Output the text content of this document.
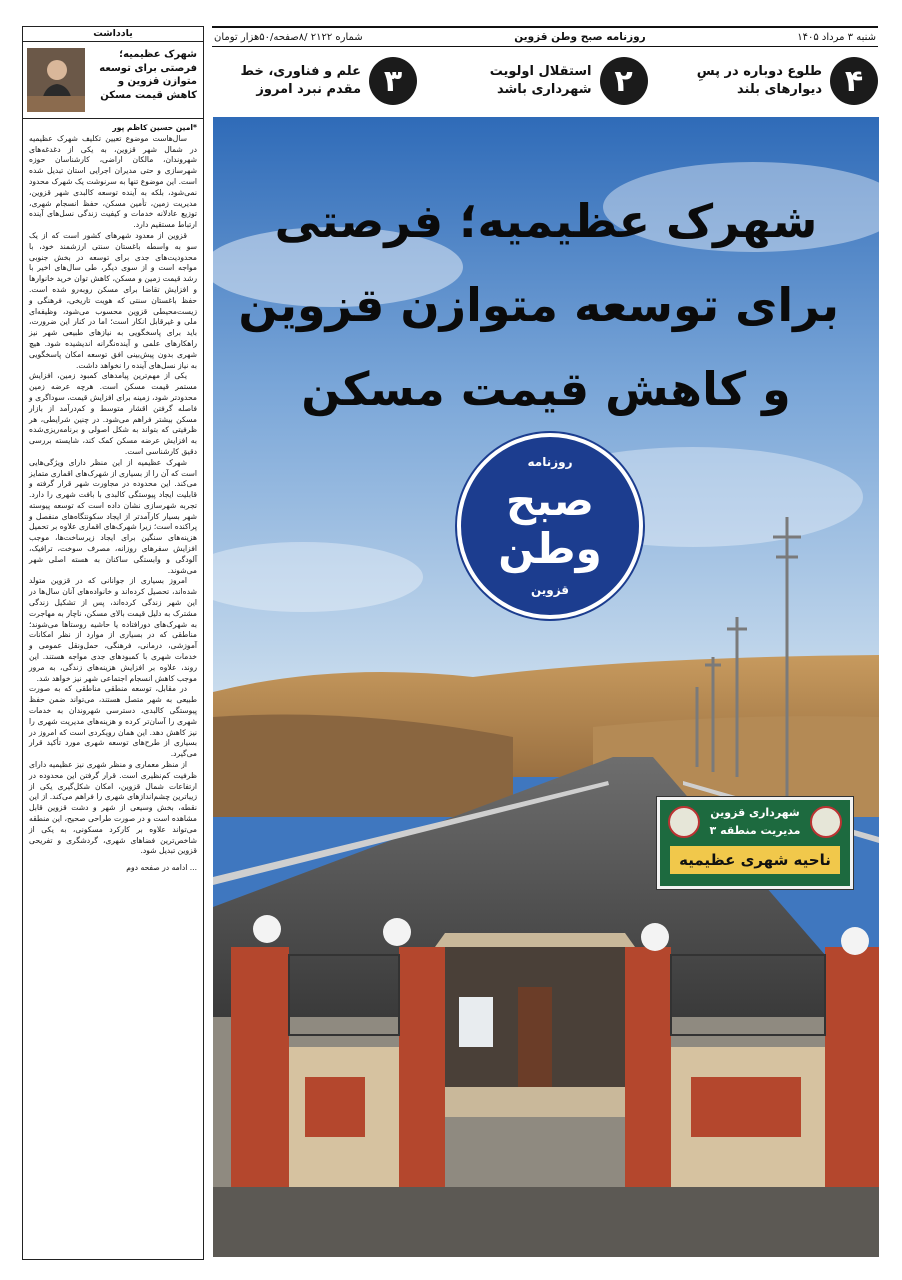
شنبه ۳ مرداد ۱۴۰۵
روزنامه صبح وطن قزوین
شماره ۲۱۲۲ /۸صفحه/۵۰هزار تومان
۴
طلوع دوباره در پسِ دیوارهای بلند
۲
استقلال اولویت شهرداری باشد
۳
علم و فناوری، خط مقدم نبرد امروز
شهرک عظیمیه؛ فرصتی
برای توسعه متوازن قزوین
و کاهش قیمت مسکن
روزنامه
صبح
وطن
قزوین
شهرداری قزوین
مدیریت منطقه ۳
ناحیه شهری عظیمیه
یادداشت
شهرک عظیمیه؛ فرصتی برای توسعه متوازن قزوین و کاهش قیمت مسکن

*امین حسین کاظم پور

سال‌هاست موضوع تعیین تکلیف شهرک عظیمیه در شمال شهر قزوین، به یکی از دغدغه‌های شهروندان، مالکان اراضی، کارشناسان حوزه شهرسازی و حتی مدیران اجرایی استان تبدیل شده است. این موضوع تنها به سرنوشت یک شهرک محدود نمی‌شود، بلکه به آینده توسعه کالبدی شهر قزوین، مدیریت زمین، تأمین مسکن، حفظ انسجام شهری، توزیع عادلانه خدمات و کیفیت زندگی نسل‌های آینده ارتباط مستقیم دارد.

قزوین از معدود شهرهای کشور است که از یک سو به واسطه باغستان سنتی ارزشمند خود، با محدودیت‌های جدی برای توسعه در بخش جنوبی مواجه است و از سوی دیگر، طی سال‌های اخیر با رشد قیمت زمین و مسکن، کاهش توان خرید خانوارها و افزایش تقاضا برای مسکن روبه‌رو شده است. حفظ باغستان سنتی که هویت تاریخی، فرهنگی و زیست‌محیطی قزوین محسوب می‌شود، وظیفه‌ای ملی و غیرقابل انکار است؛ اما در کنار این ضرورت، باید برای پاسخگویی به نیازهای طبیعی شهر نیز راهکارهای علمی و آینده‌نگرانه اندیشیده شود. هیچ شهری بدون پیش‌بینی افق توسعه امکان پاسخگویی به نیاز نسل‌های آینده را نخواهد داشت.

یکی از مهم‌ترین پیامدهای کمبود زمین، افزایش مستمر قیمت مسکن است. هرچه عرضه زمین محدودتر شود، زمینه برای افزایش قیمت، سوداگری و فاصله گرفتن اقشار متوسط و کم‌درآمد از بازار مسکن بیشتر فراهم می‌شود. در چنین شرایطی، هر ظرفیتی که بتواند به شکل اصولی و برنامه‌ریزی‌شده به افزایش عرضه مسکن کمک کند، شایسته بررسی دقیق کارشناسی است.

شهرک عظیمیه از این منظر دارای ویژگی‌هایی است که آن را از بسیاری از شهرک‌های اقماری متمایز می‌کند. این محدوده در مجاورت شهر قرار گرفته و قابلیت ایجاد پیوستگی کالبدی با بافت شهری را دارد. تجربه شهرسازی نشان داده است که توسعه پیوسته شهر بسیار کارآمدتر از ایجاد سکونتگاه‌های منفصل و پراکنده است؛ زیرا شهرک‌های اقماری علاوه بر تحمیل هزینه‌های سنگین برای ایجاد زیرساخت‌ها، موجب افزایش سفرهای روزانه، مصرف سوخت، ترافیک، آلودگی و وابستگی ساکنان به هسته اصلی شهر می‌شوند.

امروز بسیاری از جوانانی که در قزوین متولد شده‌اند، تحصیل کرده‌اند و خانواده‌های آنان سال‌ها در این شهر زندگی کرده‌اند، پس از تشکیل زندگی مشترک به دلیل قیمت بالای مسکن، ناچار به مهاجرت به شهرک‌های دورافتاده یا حاشیه روستاها می‌شوند؛ مناطقی که در بسیاری از موارد از نظر امکانات آموزشی، درمانی، فرهنگی، حمل‌ونقل عمومی و خدمات شهری با کمبودهای جدی مواجه هستند. این روند، علاوه بر افزایش هزینه‌های زندگی، به مرور موجب کاهش انسجام اجتماعی شهر نیز خواهد شد.

در مقابل، توسعه منطقی مناطقی که به صورت طبیعی به شهر متصل هستند، می‌تواند ضمن حفظ پیوستگی کالبدی، دسترسی شهروندان به خدمات شهری را آسان‌تر کرده و هزینه‌های مدیریت شهری را نیز کاهش دهد. این همان رویکردی است که امروز در بسیاری از طرح‌های توسعه شهری مورد تأکید قرار می‌گیرد.

از منظر معماری و منظر شهری نیز عظیمیه دارای ظرفیت کم‌نظیری است. قرار گرفتن این محدوده در ارتفاعات شمال قزوین، امکان شکل‌گیری یکی از زیباترین چشم‌اندازهای شهری را فراهم می‌کند. از این نقطه، بخش وسیعی از شهر و دشت قزوین قابل مشاهده است و در صورت طراحی صحیح، این منطقه می‌تواند علاوه بر کارکرد مسکونی، به یکی از شاخص‌ترین فضاهای شهری، گردشگری و تفریحی قزوین تبدیل شود.

... ادامه در صفحه دوم
